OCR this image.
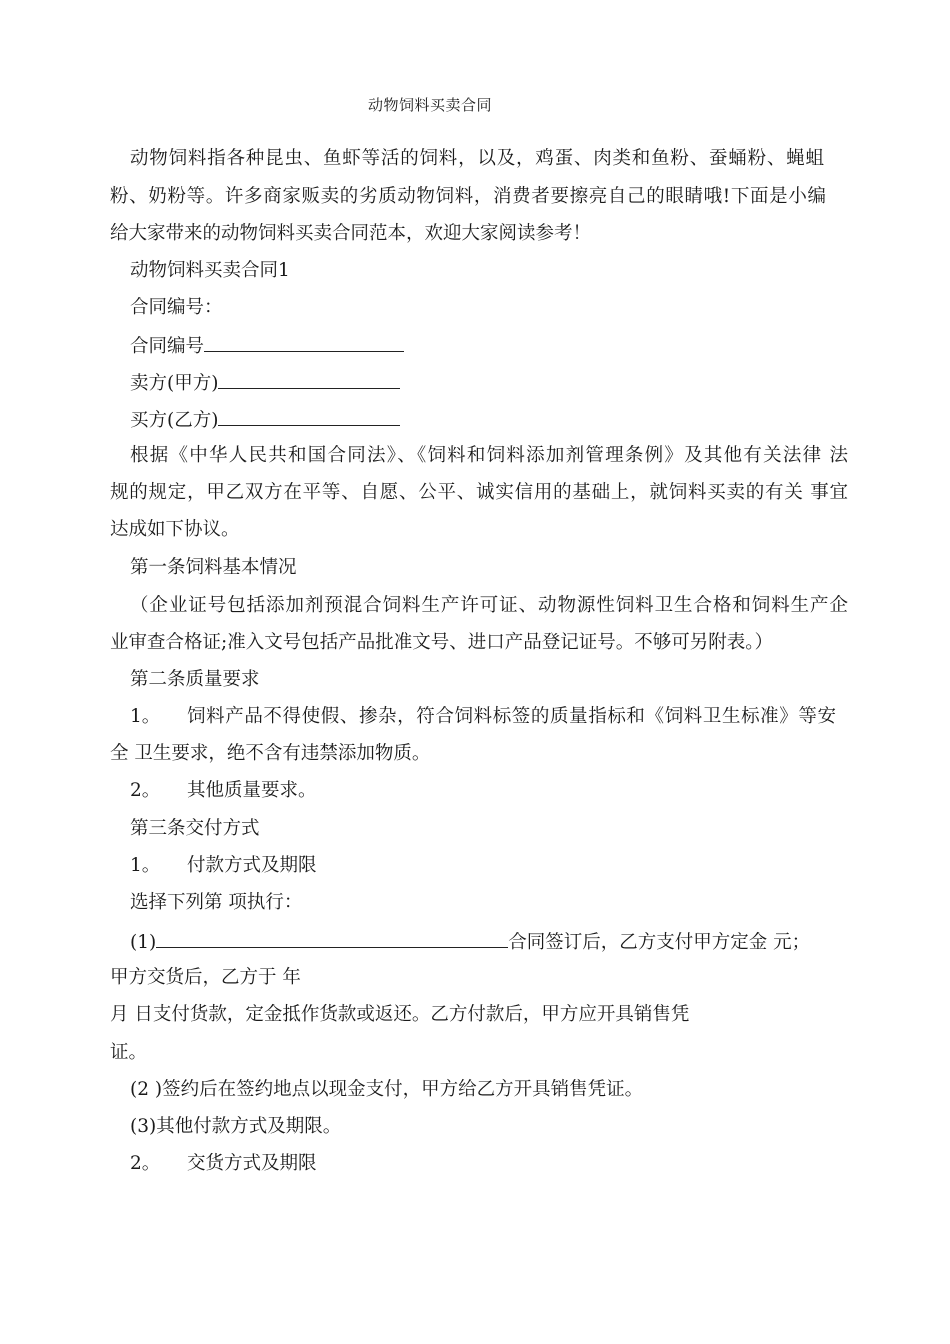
动物饲料买卖合同
动物饲料指各种昆虫、鱼虾等活的饲料，以及，鸡蛋、肉类和鱼粉、蚕蛹粉、蝇蛆
粉、奶粉等。许多商家贩卖的劣质动物饲料，消费者要擦亮自己的眼睛哦!下面是小编
给大家带来的动物饲料买卖合同范本，欢迎大家阅读参考！
动物饲料买卖合同1
合同编号：
合同编号
卖方(甲方)
买方(乙方)
根据《中华人民共和国合同法》、《饲料和饲料添加剂管理条例》及其他有关法律 法
规的规定，甲乙双方在平等、自愿、公平、诚实信用的基础上，就饲料买卖的有关 事宜
达成如下协议。
第一条饲料基本情况
（企业证号包括添加剂预混合饲料生产许可证、动物源性饲料卫生合格和饲料生产企
业审查合格证;准入文号包括产品批准文号、进口产品登记证号。不够可另附表。）
第二条质量要求
1。 饲料产品不得使假、掺杂，符合饲料标签的质量指标和《饲料卫生标准》等安
全 卫生要求，绝不含有违禁添加物质。
2。 其他质量要求。
第三条交付方式
1。 付款方式及期限
选择下列第 项执行：
(1)	合同签订后，乙方支付甲方定金 元；
甲方交货后，乙方于 年
月 日支付货款，定金抵作货款或返还。乙方付款后，甲方应开具销售凭
证。
(2 )签约后在签约地点以现金支付，甲方给乙方开具销售凭证。
(3)其他付款方式及期限。
2。 交货方式及期限
